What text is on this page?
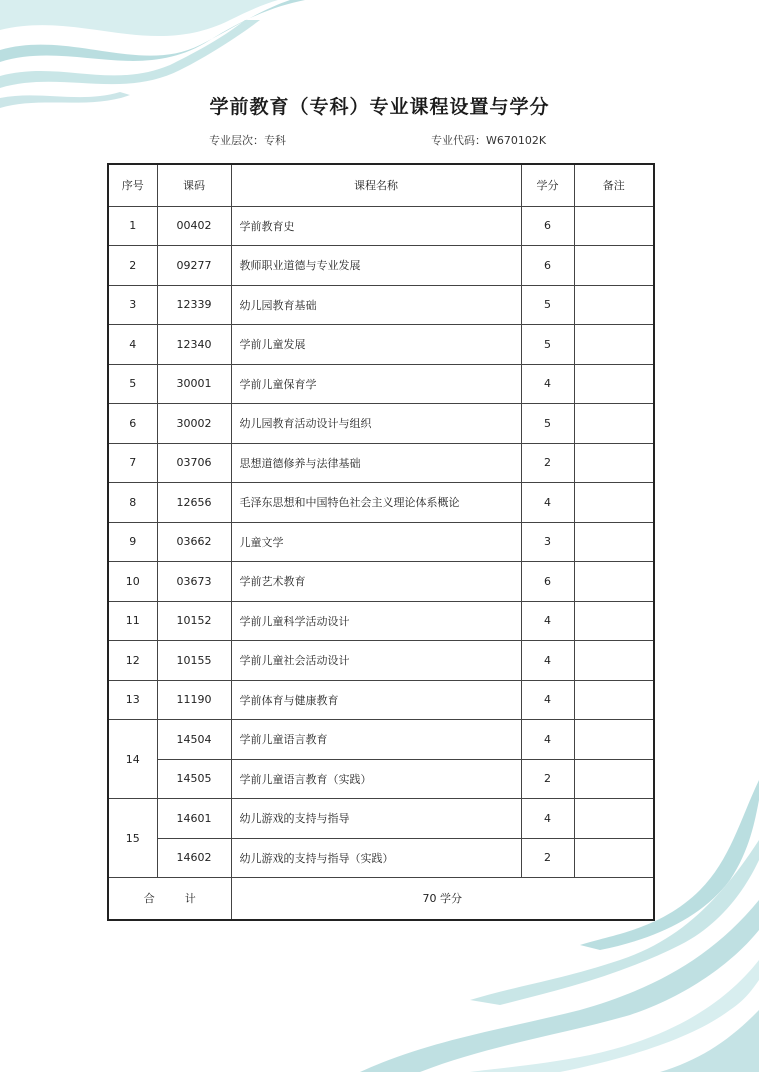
学前教育（专科）专业课程设置与学分
专业层次：专科	专业代码：W670102K
序号	课码	课程名称	学分	备注
1	00402	学前教育史	6	
2	09277	教师职业道德与专业发展	6	
3	12339	幼儿园教育基础	5	
4	12340	学前儿童发展	5	
5	30001	学前儿童保育学	4	
6	30002	幼儿园教育活动设计与组织	5	
7	03706	思想道德修养与法律基础	2	
8	12656	毛泽东思想和中国特色社会主义理论体系概论	4	
9	03662	儿童文学	3	
10	03673	学前艺术教育	6	
11	10152	学前儿童科学活动设计	4	
12	10155	学前儿童社会活动设计	4	
13	11190	学前体育与健康教育	4	
14	14504	学前儿童语言教育	4	
	14505	学前儿童语言教育（实践）	2	
15	14601	幼儿游戏的支持与指导	4	
	14602	幼儿游戏的支持与指导（实践）	2	
合计		70 学分		
